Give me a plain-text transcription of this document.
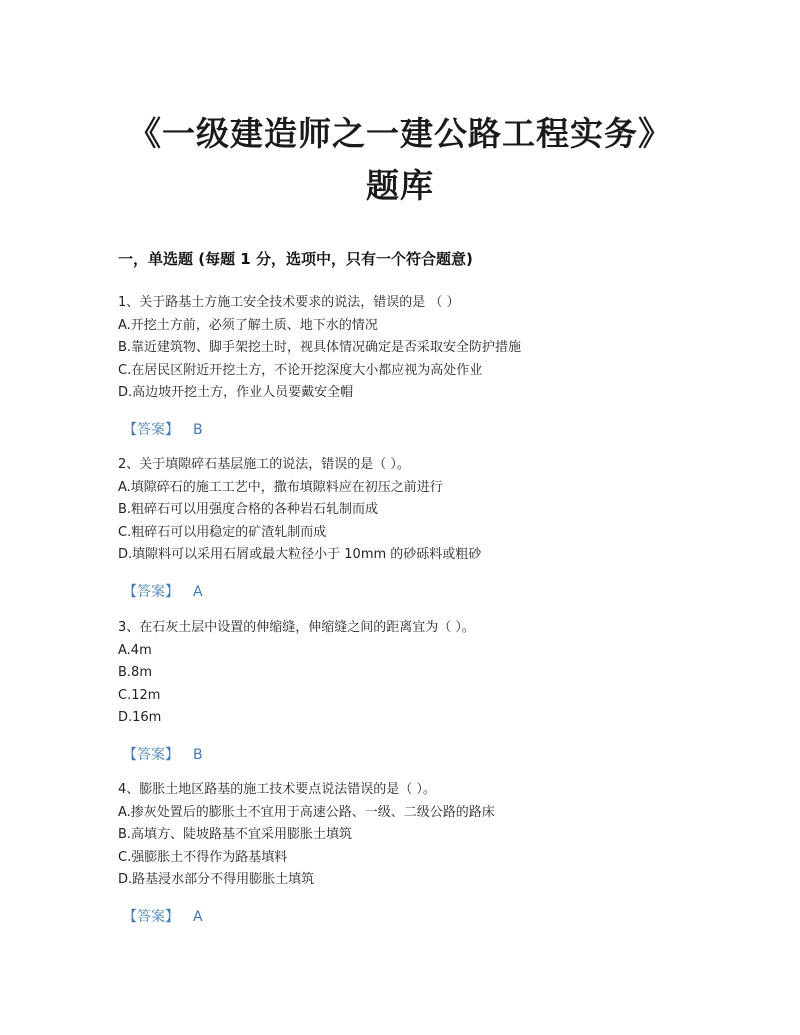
《一级建造师之一建公路工程实务》
题库
一，单选题 (每题 1 分，选项中，只有一个符合题意)
1、关于路基土方施工安全技术要求的说法，错误的是 （ ）
A.开挖土方前，必须了解土质、地下水的情况
B.靠近建筑物、脚手架挖土时，视具体情况确定是否采取安全防护措施
C.在居民区附近开挖土方，不论开挖深度大小都应视为高处作业
D.高边坡开挖土方，作业人员要戴安全帽
【答案】 B
2、关于填隙碎石基层施工的说法，错误的是（ ）。
A.填隙碎石的施工工艺中，撒布填隙料应在初压之前进行
B.粗碎石可以用强度合格的各种岩石轧制而成
C.粗碎石可以用稳定的矿渣轧制而成
D.填隙料可以采用石屑或最大粒径小于 10mm 的砂砾料或粗砂
【答案】 A
3、在石灰土层中设置的伸缩缝，伸缩缝之间的距离宜为（ ）。
A.4m
B.8m
C.12m
D.16m
【答案】 B
4、膨胀土地区路基的施工技术要点说法错误的是（ ）。
A.掺灰处置后的膨胀土不宜用于高速公路、一级、二级公路的路床
B.高填方、陡坡路基不宜采用膨胀土填筑
C.强膨胀土不得作为路基填料
D.路基浸水部分不得用膨胀土填筑
【答案】 A
